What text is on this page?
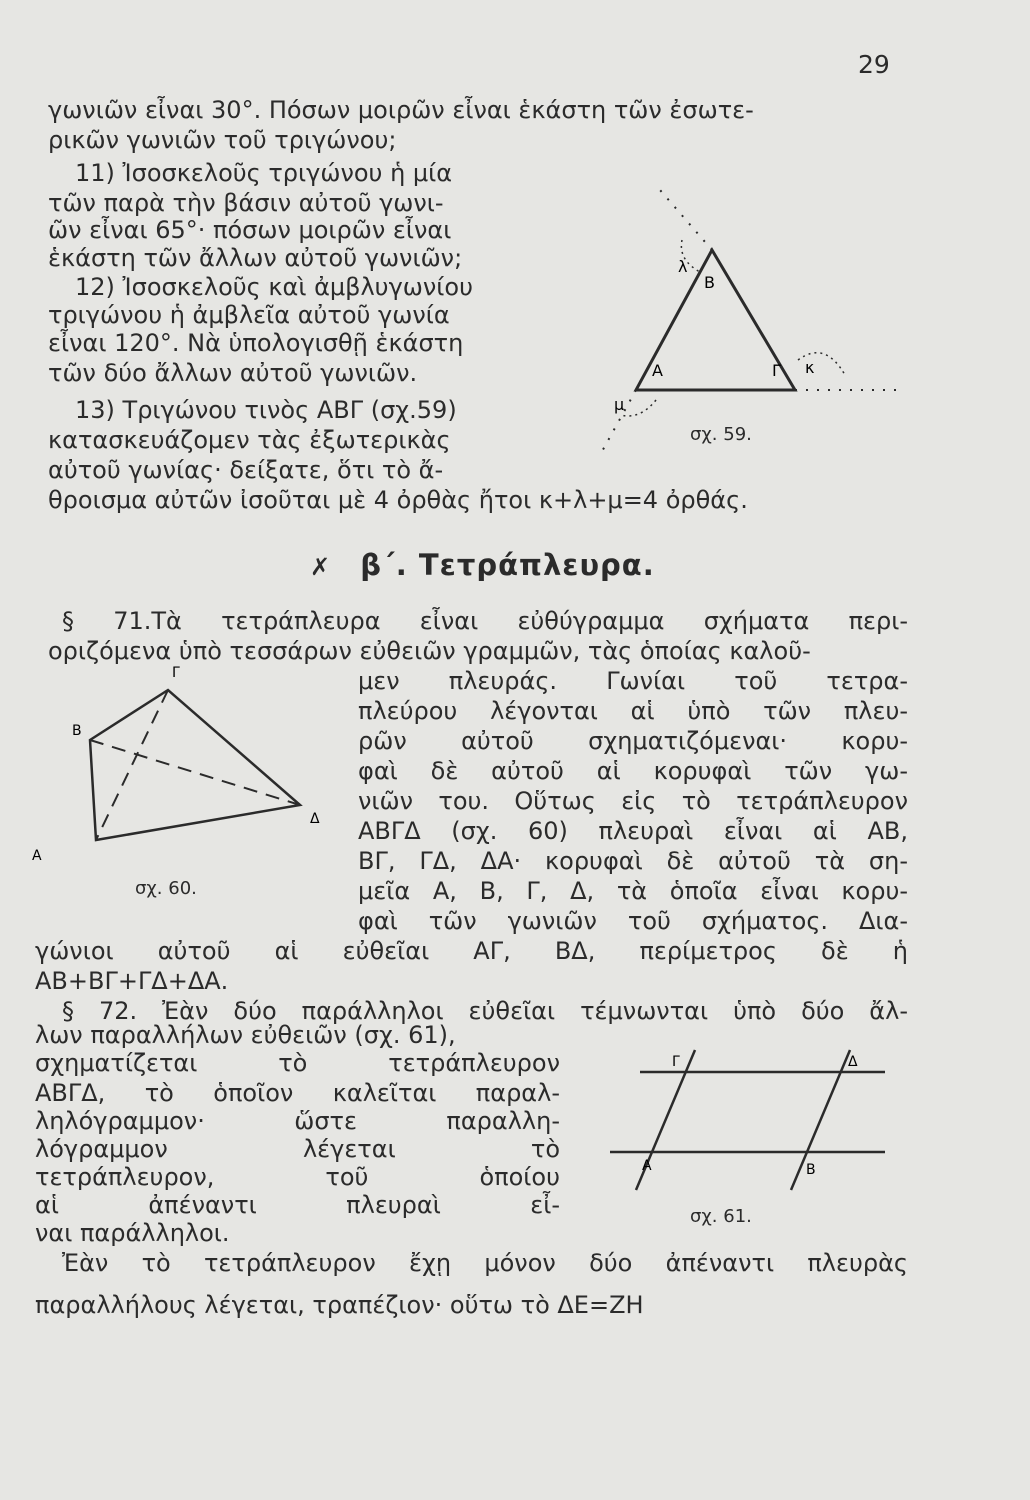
29
γωνιῶν εἶναι 30°. Πόσων μοιρῶν εἶναι ἑκάστη τῶν ἐσωτε-
ρικῶν γωνιῶν τοῦ τριγώνου;
11) Ἰσοσκελοῦς τριγώνου ἡ μία
τῶν παρὰ τὴν βάσιν αὐτοῦ γωνι-
ῶν εἶναι 65°· πόσων μοιρῶν εἶναι
ἑκάστη τῶν ἄλλων αὐτοῦ γωνιῶν;
12) Ἰσοσκελοῦς καὶ ἀμβλυγωνίου
τριγώνου ἡ ἀμβλεῖα αὐτοῦ γωνία
εἶναι 120°. Νὰ ὑπολογισθῇ ἑκάστη
τῶν δύο ἄλλων αὐτοῦ γωνιῶν.
13) Τριγώνου τινὸς ΑΒΓ (σχ.59)
κατασκευάζομεν τὰς ἐξωτερικὰς
αὐτοῦ γωνίας· δείξατε, ὅτι τὸ ἄ-
θροισμα αὐτῶν ἰσοῦται μὲ 4 ὀρθὰς ἤτοι κ+λ+μ=4 ὀρθάς.
Β
Α	Γ
λ
κ
μ
σχ. 59.
✗ β΄. Τετράπλευρα.
§ 71.Τὰ τετράπλευρα εἶναι εὐθύγραμμα σχήματα περι-
οριζόμενα ὑπὸ τεσσάρων εὐθειῶν γραμμῶν, τὰς ὁποίας καλοῦ-
μεν πλευράς. Γωνίαι τοῦ τετρα-
πλεύρου λέγονται αἱ ὑπὸ τῶν πλευ-
ρῶν αὐτοῦ σχηματιζόμεναι· κορυ-
φαὶ δὲ αὐτοῦ αἱ κορυφαὶ τῶν γω-
νιῶν του. Οὕτως εἰς τὸ τετράπλευρον
ΑΒΓΔ (σχ. 60) πλευραὶ εἶναι αἱ ΑΒ,
ΒΓ, ΓΔ, ΔΑ· κορυφαὶ δὲ αὐτοῦ τὰ ση-
μεῖα Α, Β, Γ, Δ, τὰ ὁποῖα εἶναι κορυ-
φαὶ τῶν γωνιῶν τοῦ σχήματος. Δια-
γώνιοι αὐτοῦ αἱ εὐθεῖαι ΑΓ, ΒΔ, περίμετρος δὲ ἡ
ΑΒ+ΒΓ+ΓΔ+ΔΑ.
Γ
Β
Δ
Α
σχ. 60.
§ 72. Ἐὰν δύο παράλληλοι εὐθεῖαι τέμνωνται ὑπὸ δύο ἄλ-
λων παραλλήλων εὐθειῶν (σχ. 61),
σχηματίζεται τὸ τετράπλευρον
ΑΒΓΔ, τὸ ὁποῖον καλεῖται παραλ-
ληλόγραμμον· ὥστε παραλλη-
λόγραμμον λέγεται τὸ
τετράπλευρον, τοῦ ὁποίου
αἱ ἀπέναντι πλευραὶ εἶ-
ναι παράλληλοι.
Ἐὰν τὸ τετράπλευρον ἔχῃ μόνον δύο ἀπέναντι πλευρὰς
παραλλήλους λέγεται, τραπέζιον· οὕτω τὸ ΔΕ=ΖΗ
Γ	Δ
Α	Β
σχ. 61.
